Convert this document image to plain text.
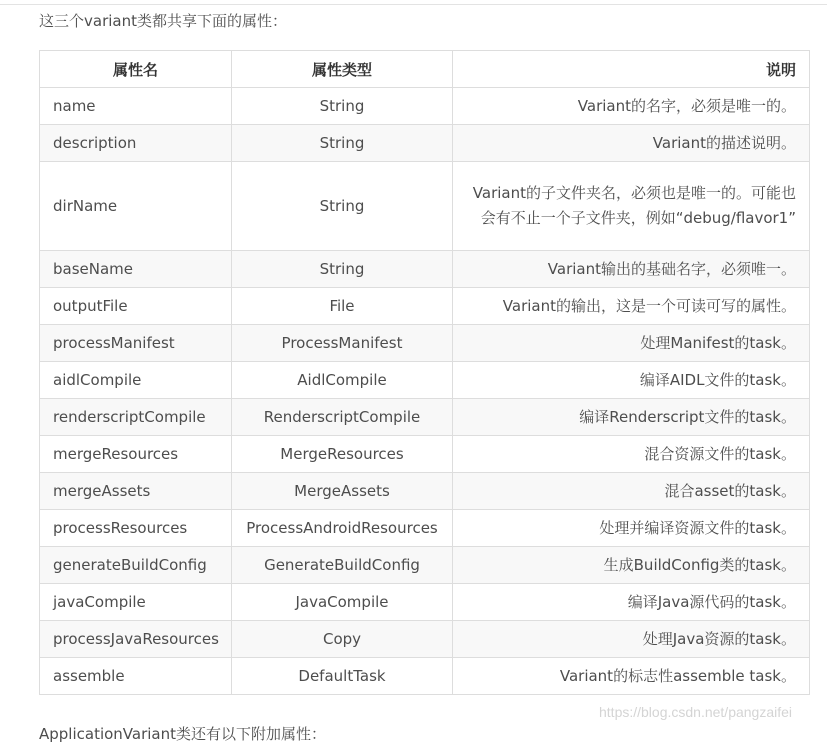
这三个variant类都共享下面的属性：
属性名	属性类型	说明
name	String	Variant的名字，必须是唯一的。
description	String	Variant的描述说明。
dirName	String	Variant的子文件夹名，必须也是唯一的。可能也会有不止一个子文件夹，例如“debug/flavor1”
baseName	String	Variant输出的基础名字，必须唯一。
outputFile	File	Variant的输出，这是一个可读可写的属性。
processManifest	ProcessManifest	处理Manifest的task。
aidlCompile	AidlCompile	编译AIDL文件的task。
renderscriptCompile	RenderscriptCompile	编译Renderscript文件的task。
mergeResources	MergeResources	混合资源文件的task。
mergeAssets	MergeAssets	混合asset的task。
processResources	ProcessAndroidResources	处理并编译资源文件的task。
generateBuildConfig	GenerateBuildConfig	生成BuildConfig类的task。
javaCompile	JavaCompile	编译Java源代码的task。
processJavaResources	Copy	处理Java资源的task。
assemble	DefaultTask	Variant的标志性assemble task。
ApplicationVariant类还有以下附加属性：
https://blog.csdn.net/pangzaifei
